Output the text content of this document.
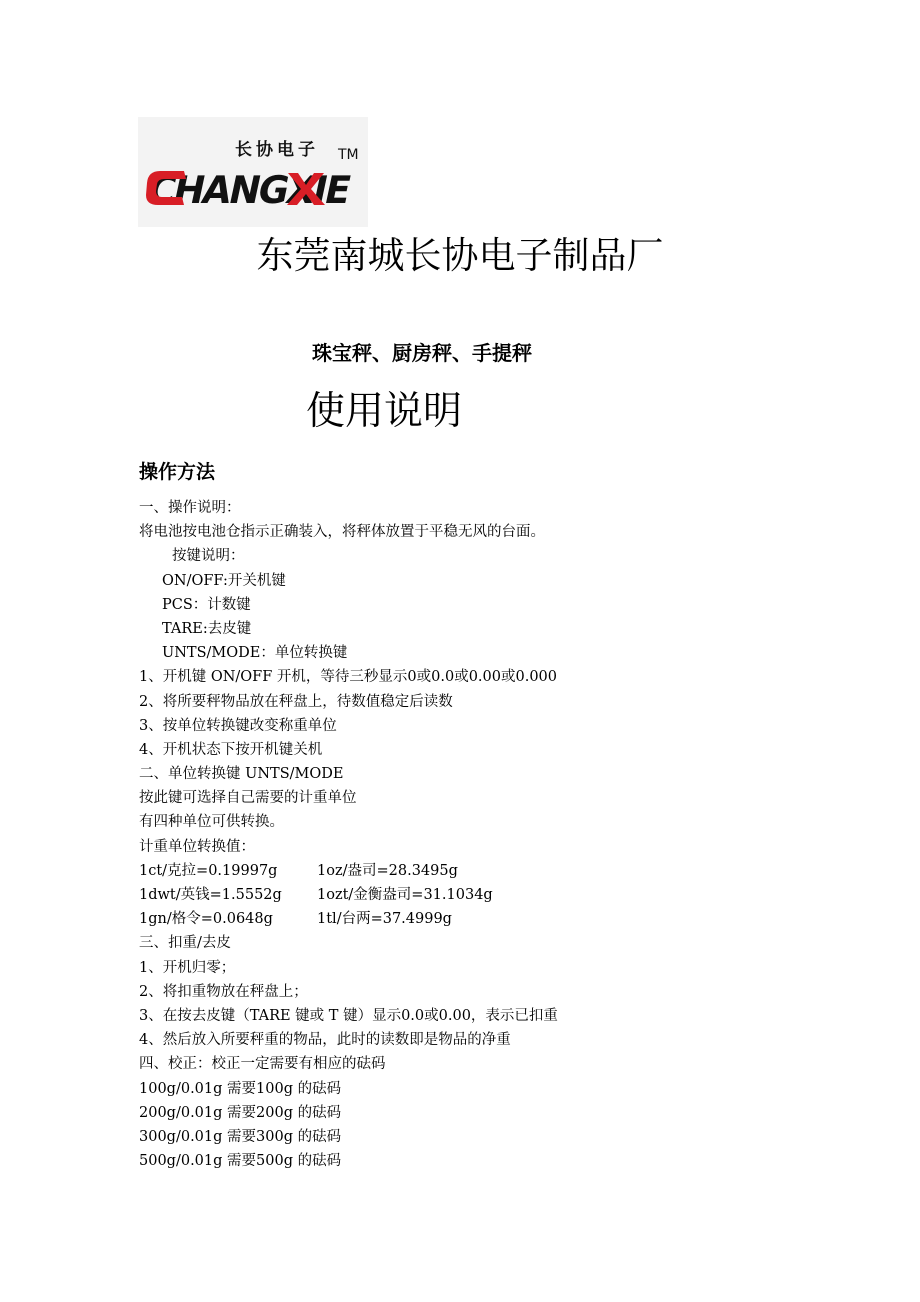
长协电子 TM
CHANGXIE
东莞南城长协电子制品厂
珠宝秤、厨房秤、手提秤
使用说明
操作方法
一、操作说明：
将电池按电池仓指示正确装入，将秤体放置于平稳无风的台面。
按键说明：
ON/OFF:开关机键
PCS：计数键
TARE:去皮键
UNTS/MODE：单位转换键
1、开机键 ON/OFF 开机，等待三秒显示0或0.0或0.00或0.000
2、将所要秤物品放在秤盘上，待数值稳定后读数
3、按单位转换键改变称重单位
4、开机状态下按开机键关机
二、单位转换键 UNTS/MODE
按此键可选择自己需要的计重单位
有四种单位可供转换。
计重单位转换值：
1ct/克拉=0.19997g	1oz/盎司=28.3495g
1dwt/英钱=1.5552g 1ozt/金衡盎司=31.1034g
1gn/格令=0.0648g	1tl/台两=37.4999g
三、扣重/去皮
1、开机归零；
2、将扣重物放在秤盘上；
3、在按去皮键（TARE 键或 T 键）显示0.0或0.00，表示已扣重
4、然后放入所要秤重的物品，此时的读数即是物品的净重
四、校正：校正一定需要有相应的砝码
100g/0.01g 需要100g 的砝码
200g/0.01g 需要200g 的砝码
300g/0.01g 需要300g 的砝码
500g/0.01g 需要500g 的砝码
